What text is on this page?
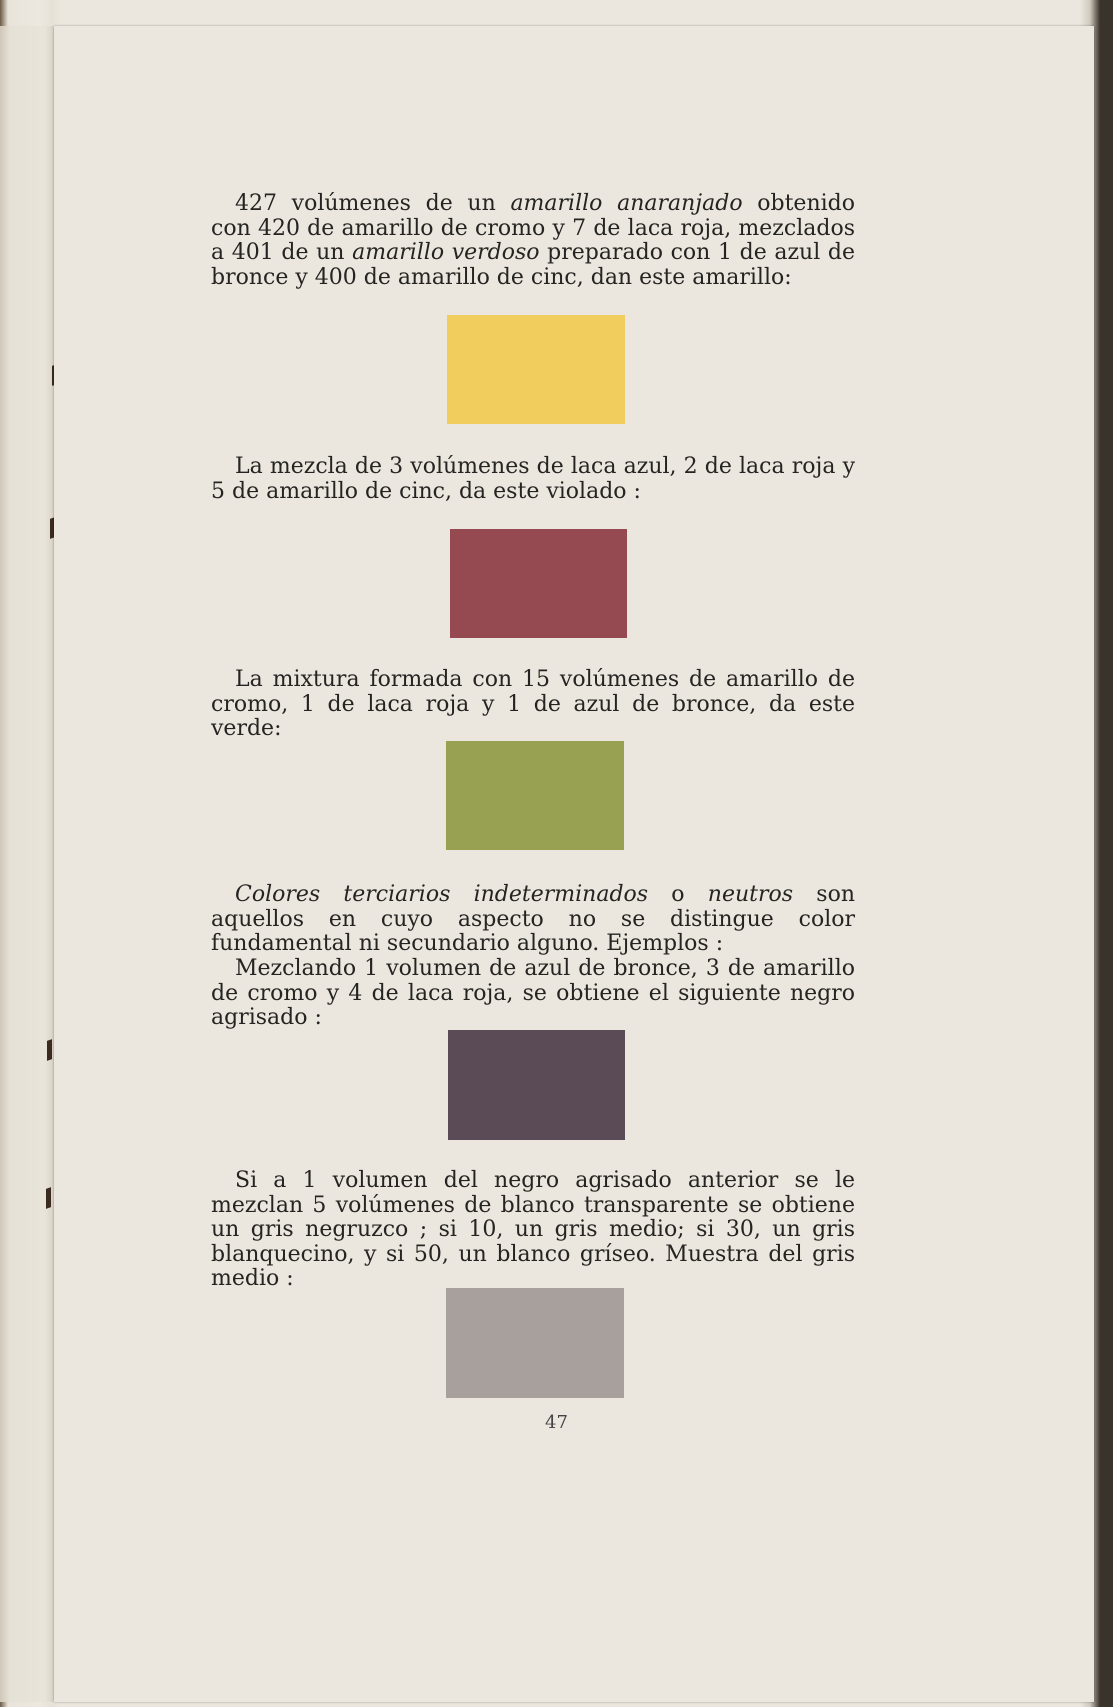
427 volúmenes de un amarillo anaranjado obtenido con 420 de amarillo de cromo y 7 de laca roja, mezclados a 401 de un amarillo verdoso preparado con 1 de azul de bronce y 400 de amarillo de cinc, dan este amarillo:

La mezcla de 3 volúmenes de laca azul, 2 de laca roja y 5 de amarillo de cinc, da este violado :

La mixtura formada con 15 volúmenes de amarillo de cromo, 1 de laca roja y 1 de azul de bronce, da este verde:

Colores terciarios indeterminados o neutros son aquellos en cuyo aspecto no se distingue color fundamental ni secundario alguno. Ejemplos :

Mezclando 1 volumen de azul de bronce, 3 de amarillo de cromo y 4 de laca roja, se obtiene el siguiente negro agrisado :

Si a 1 volumen del negro agrisado anterior se le mezclan 5 volúmenes de blanco transparente se obtiene un gris negruzco ; si 10, un gris medio; si 30, un gris blanquecino, y si 50, un blanco gríseo. Muestra del gris medio :

47
